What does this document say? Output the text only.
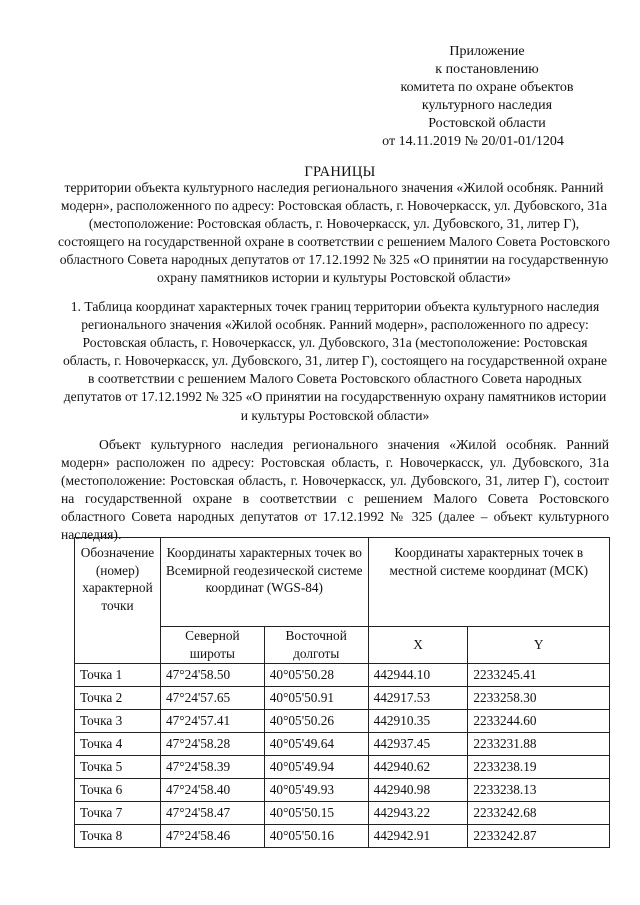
Приложение
к постановлению
комитета по охране объектов
культурного наследия
Ростовской области
от 14.11.2019 № 20/01-01/1204
ГРАНИЦЫ
территории объекта культурного наследия регионального значения «Жилой особняк. Ранний модерн», расположенного по адресу: Ростовская область, г. Новочеркасск, ул. Дубовского, 31а (местоположение: Ростовская область, г. Новочеркасск, ул. Дубовского, 31, литер Г), состоящего на государственной охране в соответствии с решением Малого Совета Ростовского областного Совета народных депутатов от 17.12.1992 № 325 «О принятии на государственную охрану памятников истории и культуры Ростовской области»
1. Таблица координат характерных точек границ территории объекта культурного наследия регионального значения «Жилой особняк. Ранний модерн», расположенного по адресу: Ростовская область, г. Новочеркасск, ул. Дубовского, 31а (местоположение: Ростовская область, г. Новочеркасск, ул. Дубовского, 31, литер Г), состоящего на государственной охране в соответствии с решением Малого Совета Ростовского областного Совета народных депутатов от 17.12.1992 № 325 «О принятии на государственную охрану памятников истории и культуры Ростовской области»
Объект культурного наследия регионального значения «Жилой особняк. Ранний модерн» расположен по адресу: Ростовская область, г. Новочеркасск, ул. Дубовского, 31а (местоположение: Ростовская область, г. Новочеркасск, ул. Дубовского, 31, литер Г), состоит на государственной охране в соответствии с решением Малого Совета Ростовского областного Совета народных депутатов от 17.12.1992 № 325 (далее – объект культурного наследия).
Обозначение (номер) характерной точки	Координаты характерных точек во Всемирной геодезической системе координат (WGS-84)		Координаты характерных точек в местной системе координат (МСК)	
	Северной широты	Восточной долготы	X	Y
Точка 1	47°24'58.50	40°05'50.28	442944.10	2233245.41
Точка 2	47°24'57.65	40°05'50.91	442917.53	2233258.30
Точка 3	47°24'57.41	40°05'50.26	442910.35	2233244.60
Точка 4	47°24'58.28	40°05'49.64	442937.45	2233231.88
Точка 5	47°24'58.39	40°05'49.94	442940.62	2233238.19
Точка 6	47°24'58.40	40°05'49.93	442940.98	2233238.13
Точка 7	47°24'58.47	40°05'50.15	442943.22	2233242.68
Точка 8	47°24'58.46	40°05'50.16	442942.91	2233242.87
